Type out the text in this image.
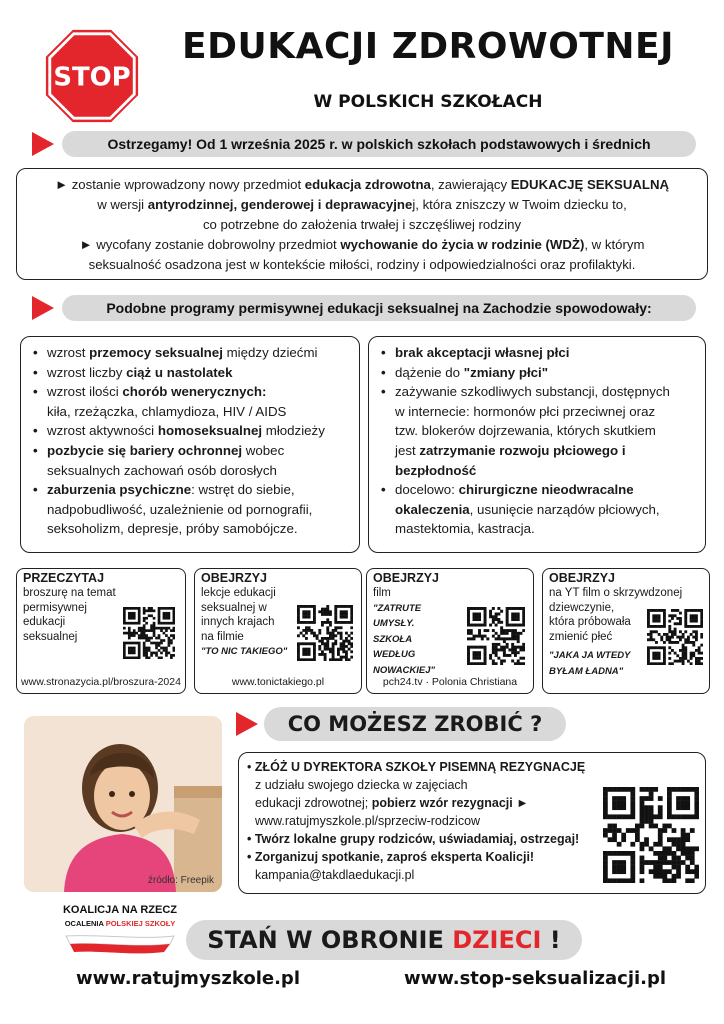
STOP
EDUKACJI ZDROWOTNEJ
W POLSKICH SZKOŁACH
Ostrzegamy! Od 1 września 2025 r. w polskich szkołach podstawowych i średnich

► zostanie wprowadzony nowy przedmiot edukacja zdrowotna, zawierający EDUKACJĘ SEKSUALNĄ

w wersji antyrodzinnej, genderowej i deprawacyjnej, która zniszczy w Twoim dziecku to,

co potrzebne do założenia trwałej i szczęśliwej rodziny

► wycofany zostanie dobrowolny przedmiot wychowanie do życia w rodzinie (WDŻ), w którym

seksualność osadzona jest w kontekście miłości, rodziny i odpowiedzialności oraz profilaktyki.

Podobne programy permisywnej edukacji seksualnej na Zachodzie spowodowały:
• wzrost przemocy seksualnej między dziećmi
• wzrost liczby ciąż u nastolatek
• wzrost ilości chorób wenerycznych:
kiła, rzeżączka, chlamydioza, HIV / AIDS
• wzrost aktywności homoseksualnej młodzieży
• pozbycie się bariery ochronnej wobec
seksualnych zachowań osób dorosłych
• zaburzenia psychiczne: wstręt do siebie,
nadpobudliwość, uzależnienie od pornografii,
seksoholizm, depresje, próby samobójcze.
• brak akceptacji własnej płci
• dążenie do "zmiany płci"
• zażywanie szkodliwych substancji, dostępnych
w internecie: hormonów płci przeciwnej oraz
tzw. blokerów dojrzewania, których skutkiem
jest zatrzymanie rozwoju płciowego i
bezpłodność
• docelowo: chirurgiczne nieodwracalne
okaleczenia, usunięcie narządów płciowych,
mastektomia, kastracja.
PRZECZYTAJ
broszurę na temat
permisywnej
edukacji
seksualnej
www.stronazycia.pl/broszura-2024
OBEJRZYJ
lekcje edukacji
seksualnej w
innych krajach
na filmie
"TO NIC TAKIEGO"
www.tonictakiego.pl
OBEJRZYJ
film
"ZATRUTE
UMYSŁY.
SZKOŁA
WEDŁUG
NOWACKIEJ"
pch24.tv · Polonia Christiana
OBEJRZYJ
na YT film o skrzywdzonej
dziewczynie,
która próbowała
zmienić płeć
"JAKA JA WTEDY
BYŁAM ŁADNA"
źródło: Freepik
CO MOŻESZ ZROBIĆ ?
• ZŁÓŻ U DYREKTORA SZKOŁY PISEMNĄ REZYGNACJĘ
z udziału swojego dziecka w zajęciach
edukacji zdrowotnej; pobierz wzór rezygnacji ►
www.ratujmyszkole.pl/sprzeciw-rodzicow
• Twórz lokalne grupy rodziców, uświadamiaj, ostrzegaj!
• Zorganizuj spotkanie, zaproś eksperta Koalicji!
kampania@takdlaedukacji.pl
KOALICJA NA RZECZ
OCALENIA POLSKIEJ SZKOŁY
STAŃ W OBRONIE DZIECI !
www.ratujmyszkole.pl	www.stop-seksualizacji.pl
